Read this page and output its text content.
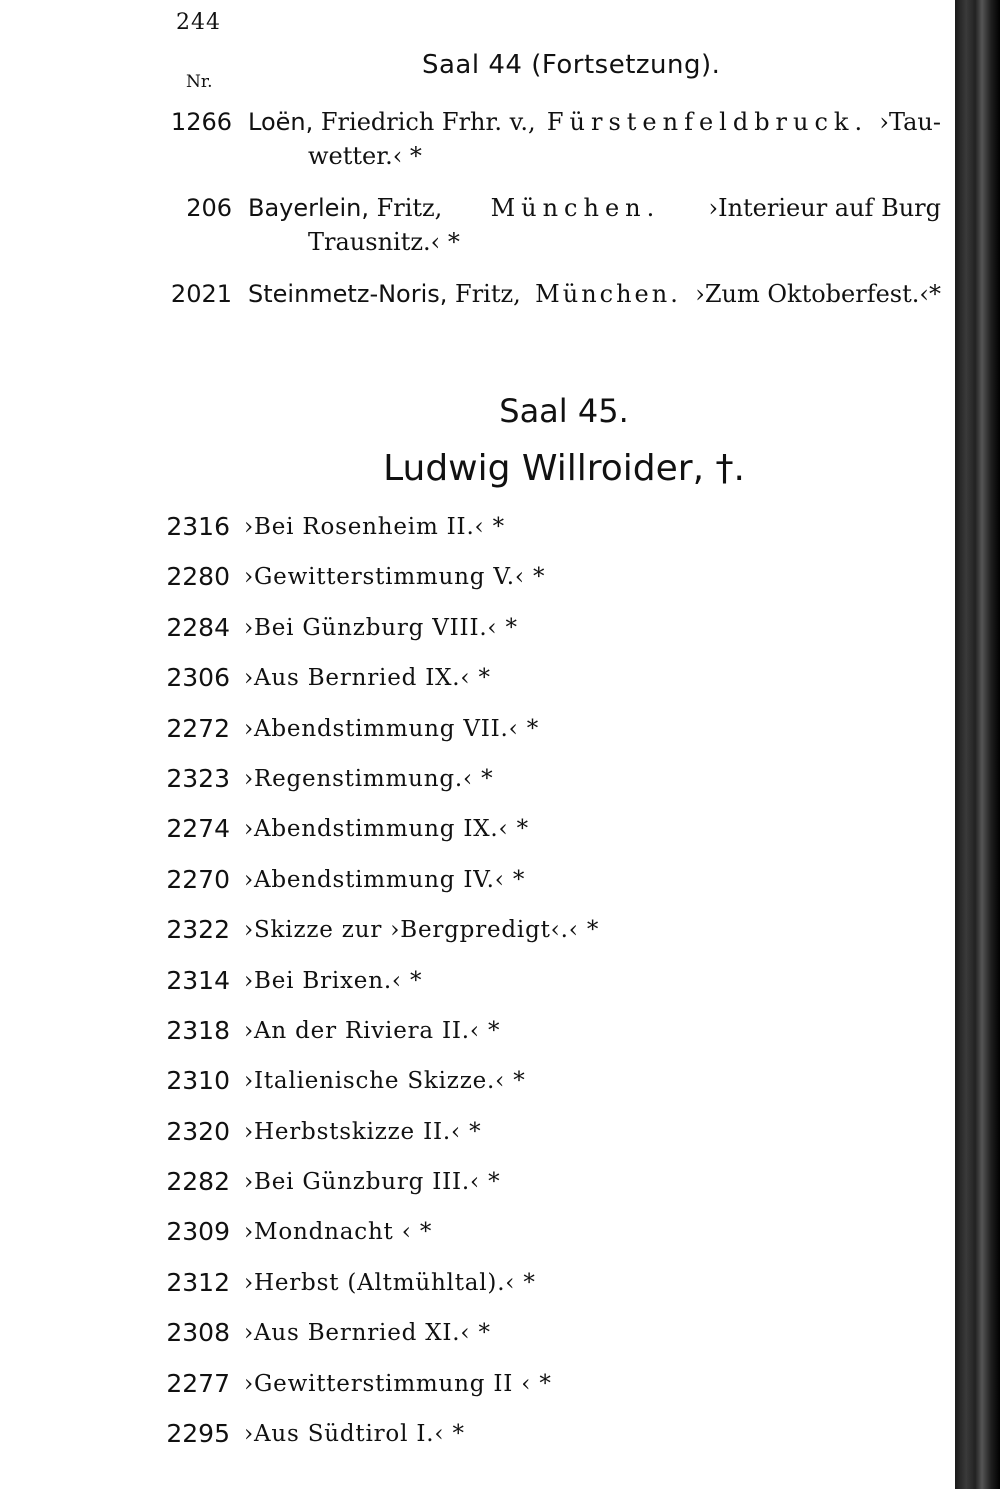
244
Nr.
Saal 44 (Fortsetzung).
1266 Loën, Friedrich Frhr. v., Fürstenfeldbruck. ›Tau-
wetter.‹ *
206 Bayerlein, Fritz, München. ›Interieur auf Burg
Trausnitz.‹ *
2021 Steinmetz-Noris, Fritz, München. ›Zum Oktoberfest.‹*
Saal 45.
Ludwig Willroider, †.
2316 ›Bei Rosenheim II.‹ *
2280 ›Gewitterstimmung V.‹ *
2284 ›Bei Günzburg VIII.‹ *
2306 ›Aus Bernried IX.‹ *
2272 ›Abendstimmung VII.‹ *
2323 ›Regenstimmung.‹ *
2274 ›Abendstimmung IX.‹ *
2270 ›Abendstimmung IV.‹ *
2322 ›Skizze zur ›Bergpredigt‹.‹ *
2314 ›Bei Brixen.‹ *
2318 ›An der Riviera II.‹ *
2310 ›Italienische Skizze.‹ *
2320 ›Herbstskizze II.‹ *
2282 ›Bei Günzburg III.‹ *
2309 ›Mondnacht ‹ *
2312 ›Herbst (Altmühltal).‹ *
2308 ›Aus Bernried XI.‹ *
2277 ›Gewitterstimmung II ‹ *
2295 ›Aus Südtirol I.‹ *
